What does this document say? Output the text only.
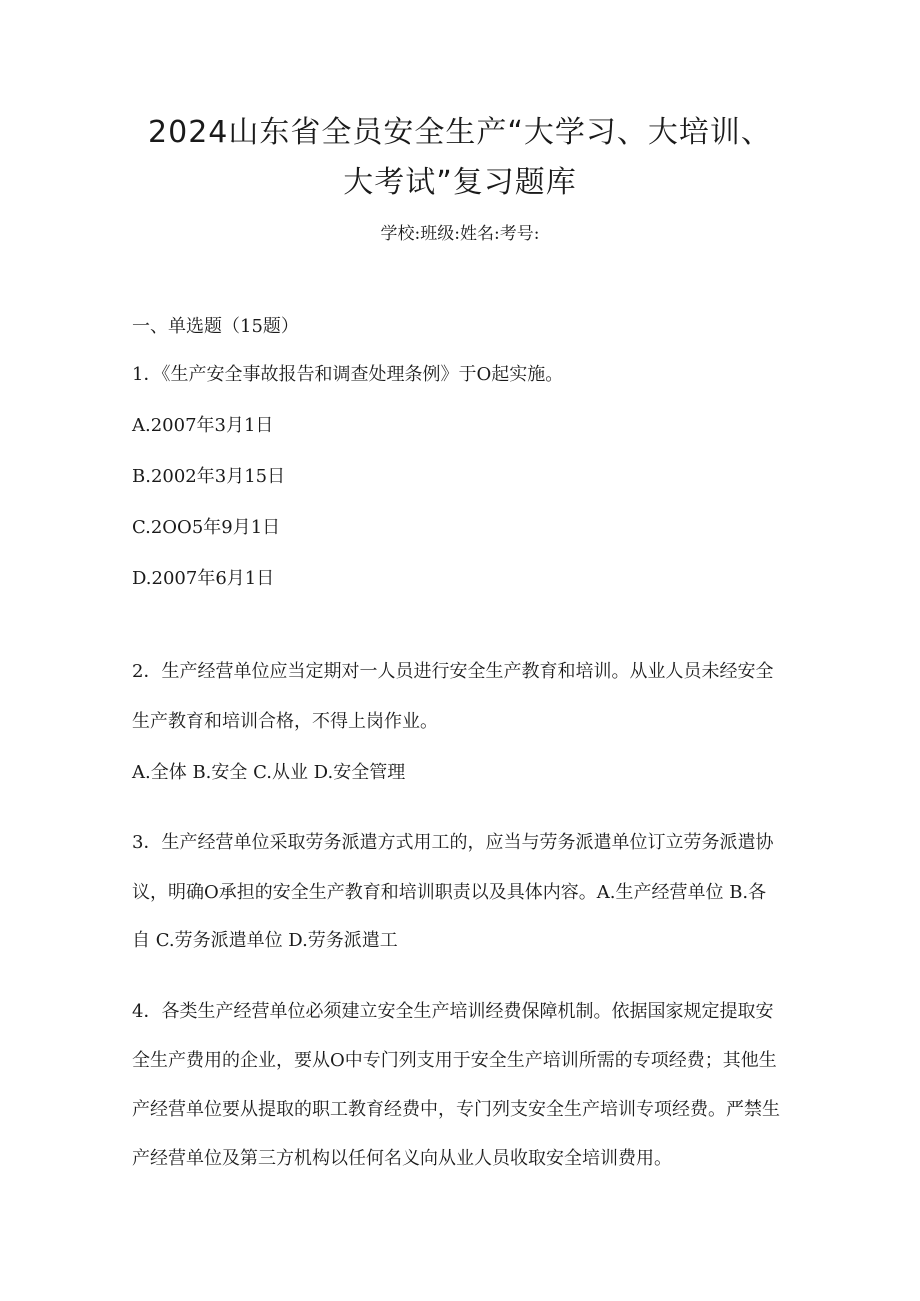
2024山东省全员安全生产“大学习、大培训、
大考试”复习题库
学校:班级:姓名:考号:
一、单选题（15题）
1．《生产安全事故报告和调查处理条例》于O起实施。
A.2007年3月1日
B.2002年3月15日
C.2OO5年9月1日
D.2007年6月1日
2．生产经营单位应当定期对一人员进行安全生产教育和培训。从业人员未经安全
生产教育和培训合格，不得上岗作业。
A.全体 B.安全 C.从业 D.安全管理
3．生产经营单位采取劳务派遣方式用工的，应当与劳务派遣单位订立劳务派遣协
议，明确O承担的安全生产教育和培训职责以及具体内容。A.生产经营单位 B.各
自 C.劳务派遣单位 D.劳务派遣工
4．各类生产经营单位必须建立安全生产培训经费保障机制。依据国家规定提取安
全生产费用的企业，要从O中专门列支用于安全生产培训所需的专项经费；其他生
产经营单位要从提取的职工教育经费中，专门列支安全生产培训专项经费。严禁生
产经营单位及第三方机构以任何名义向从业人员收取安全培训费用。
